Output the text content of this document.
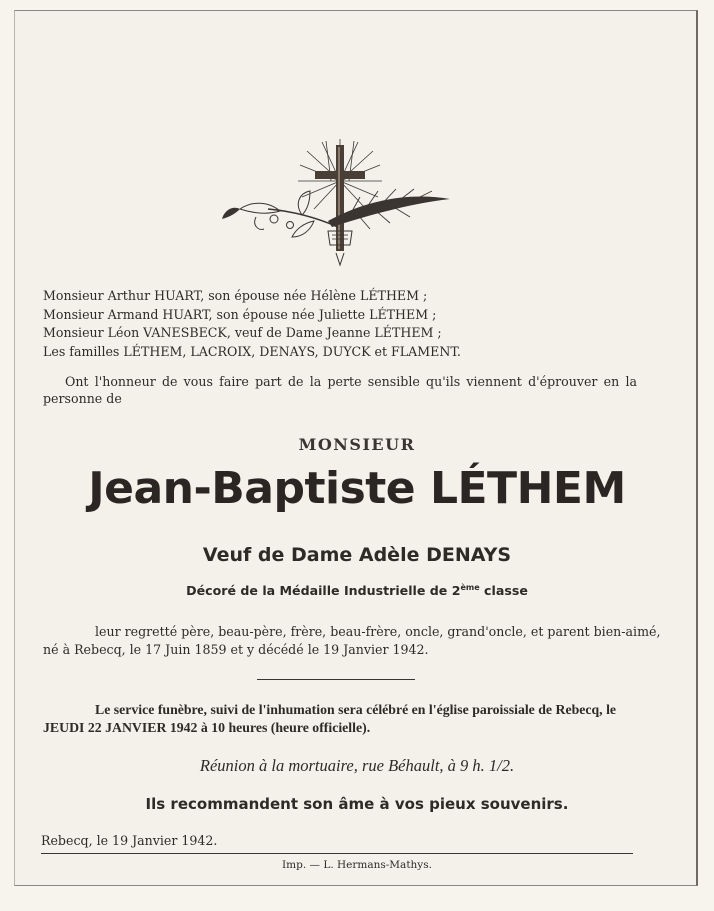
Monsieur Arthur HUART, son épouse née Hélène LÉTHEM ;
Monsieur Armand HUART, son épouse née Juliette LÉTHEM ;
Monsieur Léon VANESBECK, veuf de Dame Jeanne LÉTHEM ;
Les familles LÉTHEM, LACROIX, DENAYS, DUYCK et FLAMENT.
Ont l'honneur de vous faire part de la perte sensible qu'ils viennent d'éprouver en la personne de
MONSIEUR
Jean-Baptiste LÉTHEM
Veuf de Dame Adèle DENAYS
Décoré de la Médaille Industrielle de 2ème classe
leur regretté père, beau-père, frère, beau-frère, oncle, grand'oncle, et parent bien-aimé,
né à Rebecq, le 17 Juin 1859 et y décédé le 19 Janvier 1942.
Le service funèbre, suivi de l'inhumation sera célébré en l'église paroissiale de Rebecq, le
JEUDI 22 JANVIER 1942 à 10 heures (heure officielle).
Réunion à la mortuaire, rue Béhault, à 9 h. 1/2.
Ils recommandent son âme à vos pieux souvenirs.
Rebecq, le 19 Janvier 1942.
Imp. — L. Hermans-Mathys.
